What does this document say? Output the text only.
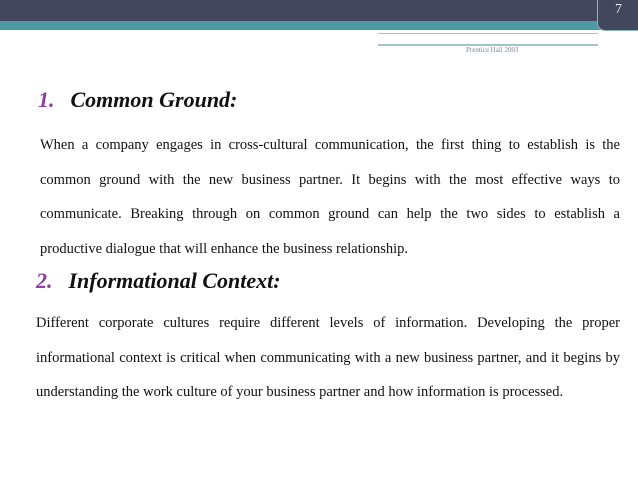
7
Prentice Hall 2003
1. Common Ground:
When a company engages in cross-cultural communication, the first thing to establish is the common ground with the new business partner. It begins with the most effective ways to communicate. Breaking through on common ground can help the two sides to establish a productive dialogue that will enhance the business relationship.
2. Informational Context:
Different corporate cultures require different levels of information. Developing the proper informational context is critical when communicating with a new business partner, and it begins by understanding the work culture of your business partner and how information is processed.
